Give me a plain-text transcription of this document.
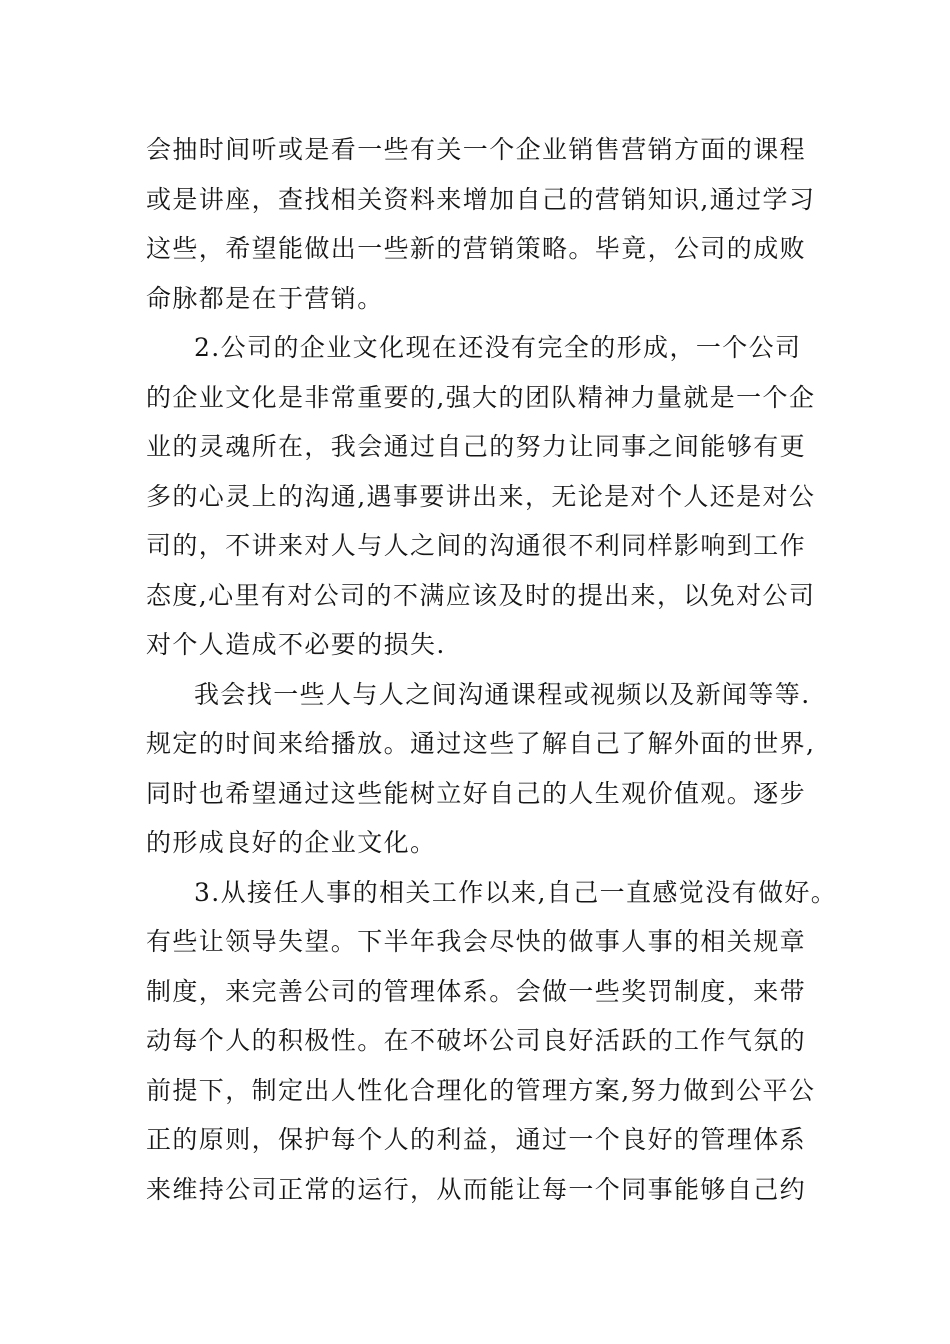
会抽时间听或是看一些有关一个企业销售营销方面的课程
或是讲座，查找相关资料来增加自己的营销知识,通过学习
这些，希望能做出一些新的营销策略。毕竟，公司的成败
命脉都是在于营销。
2.公司的企业文化现在还没有完全的形成，一个公司
的企业文化是非常重要的,强大的团队精神力量就是一个企
业的灵魂所在，我会通过自己的努力让同事之间能够有更
多的心灵上的沟通,遇事要讲出来，无论是对个人还是对公
司的，不讲来对人与人之间的沟通很不利同样影响到工作
态度,心里有对公司的不满应该及时的提出来，以免对公司
对个人造成不必要的损失.
我会找一些人与人之间沟通课程或视频以及新闻等等.
规定的时间来给播放。通过这些了解自己了解外面的世界,
同时也希望通过这些能树立好自己的人生观价值观。逐步
的形成良好的企业文化。
3.从接任人事的相关工作以来,自己一直感觉没有做好。
有些让领导失望。下半年我会尽快的做事人事的相关规章
制度，来完善公司的管理体系。会做一些奖罚制度，来带
动每个人的积极性。在不破坏公司良好活跃的工作气氛的
前提下，制定出人性化合理化的管理方案,努力做到公平公
正的原则，保护每个人的利益，通过一个良好的管理体系
来维持公司正常的运行，从而能让每一个同事能够自己约
